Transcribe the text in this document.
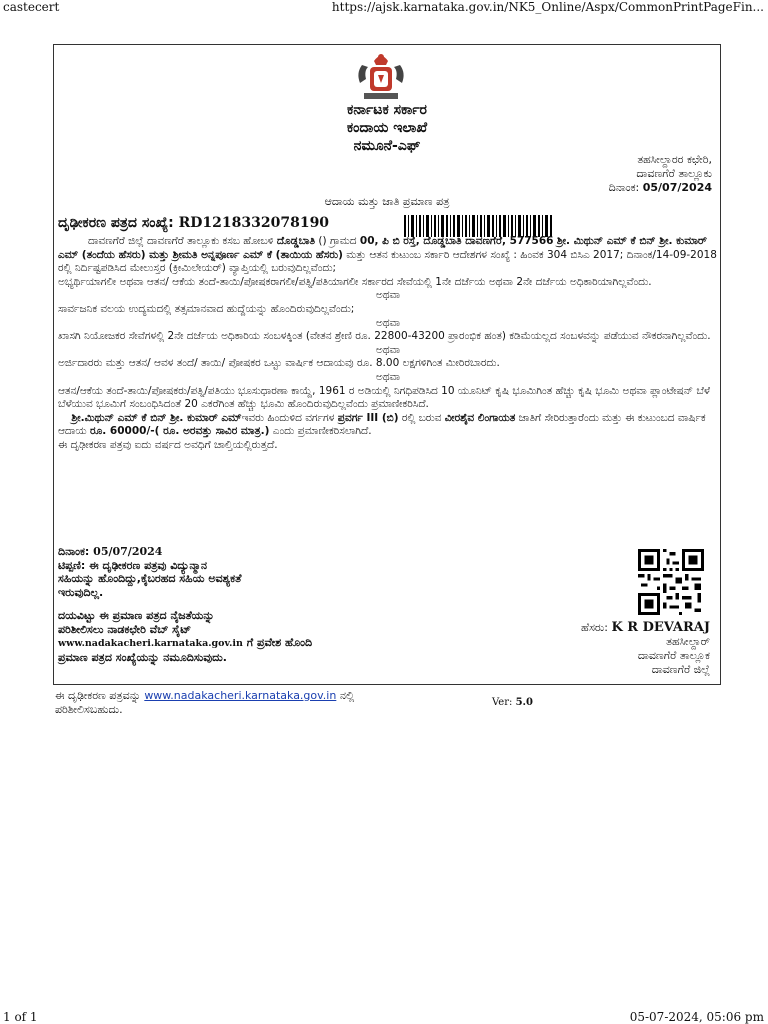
castecert	https://ajsk.karnataka.gov.in/NK5_Online/Aspx/CommonPrintPageFin...
ಕರ್ನಾಟಕ ಸರ್ಕಾರ
ಕಂದಾಯ ಇಲಾಖೆ
ನಮೂನೆ-ಎಫ್
ತಹಸೀಲ್ದಾರರ ಕಛೇರಿ,
ದಾವಣಗೆರೆ ತಾಲ್ಲೂಕು
ದಿನಾಂಕ: 05/07/2024
ಆದಾಯ ಮತ್ತು ಜಾತಿ ಪ್ರಮಾಣ ಪತ್ರ
ದೃಢೀಕರಣ ಪತ್ರದ ಸಂಖ್ಯೆ: RD1218332078190

ದಾವಣಗೆರೆ ಜಿಲ್ಲೆ ದಾವಣಗೆರೆ ತಾಲ್ಲೂಕು ಕಸಬ ಹೋಬಳಿ ದೊಡ್ಡಬಾತಿ () ಗ್ರಾಮದ 00, ಪಿ ಬಿ ರಸ್ತೆ, ದೊಡ್ಡಬಾತಿ ದಾವಣಗೆರೆ, 577566 ಶ್ರೀ. ಮಿಥುನ್ ಎಮ್ ಕೆ ಬಿನ್ ಶ್ರೀ. ಕುಮಾರ್ ಎಮ್ (ತಂದೆಯ ಹೆಸರು) ಮತ್ತು ಶ್ರೀಮತಿ ಅನ್ನಪೂರ್ಣ ಎಮ್ ಕೆ (ತಾಯಿಯ ಹೆಸರು) ಮತ್ತು ಆತನ ಕುಟುಂಬ ಸರ್ಕಾರಿ ಆದೇಶಗಳ ಸಂಖ್ಯೆ : ಹಿಂವಕ 304 ಬಿಸಿಎ 2017; ದಿನಾಂಕ/14-09-2018 ರಲ್ಲಿ ನಿರ್ದಿಷ್ಟಪಡಿಸಿದ ಮೇಲುಸ್ತರ (ಕ್ರೀಮಿಲೇಯರ್) ವ್ಯಾಪ್ತಿಯಲ್ಲಿ ಬರುವುದಿಲ್ಲವೆಂದು;

ಅಭ್ಯರ್ಥಿಯಾಗಲೀ ಅಥವಾ ಆತನ/ ಆಕೆಯ ತಂದೆ-ತಾಯಿ/ಪೋಷಕರಾಗಲೀ/ಪತ್ನಿ/ಪತಿಯಾಗಲೀ ಸರ್ಕಾರದ ಸೇವೆಯಲ್ಲಿ 1ನೇ ದರ್ಜೆಯ ಅಥವಾ 2ನೇ ದರ್ಜೆಯ ಅಧಿಕಾರಿಯಾಗಿಲ್ಲವೆಂದು.

ಅಥವಾ

ಸಾರ್ವಜನಿಕ ವಲಯ ಉದ್ಯಮದಲ್ಲಿ ತತ್ಸಮಾನವಾದ ಹುದ್ದೆಯನ್ನು ಹೊಂದಿರುವುದಿಲ್ಲವೆಂದು;

ಅಥವಾ

ಖಾಸಗಿ ನಿಯೋಜಕರ ಸೇವೆಗಳಲ್ಲಿ 2ನೇ ದರ್ಜೆಯ ಅಧಿಕಾರಿಯ ಸಂಬಳಕ್ಕಿಂತ (ವೇತನ ಶ್ರೇಣಿ ರೂ. 22800-43200 ಪ್ರಾರಂಭಿಕ ಹಂತ) ಕಡಿಮೆಯಲ್ಲದ ಸಂಬಳವನ್ನು ಪಡೆಯುವ ನೌಕರನಾಗಿಲ್ಲವೆಂದು.

ಅಥವಾ

ಅರ್ಜಿದಾರರು ಮತ್ತು ಆತನ/ ಆವಳ ತಂದೆ/ ತಾಯಿ/ ಪೋಷಕರ ಒಟ್ಟು ವಾರ್ಷಿಕ ಆದಾಯವು ರೂ. 8.00 ಲಕ್ಷಗಳಿಗಿಂತ ಮೀರಿರಬಾರದು.

ಅಥವಾ

ಆತನ/ಆಕೆಯ ತಂದೆ-ತಾಯಿ/ಪೋಷಕರು/ಪತ್ನಿ/ಪತಿಯು ಭೂಸುಧಾರಣಾ ಕಾಯ್ದೆ, 1961 ರ ಅಡಿಯಲ್ಲಿ ನಿಗಧಿಪಡಿಸಿದ 10 ಯೂನಿಟ್ ಕೃಷಿ ಭೂಮಿಗಿಂತ ಹೆಚ್ಚು ಕೃಷಿ ಭೂಮಿ ಅಥವಾ ಪ್ಲಾಂಟೇಷನ್ ಬೆಳೆ ಬೆಳೆಯುವ ಭೂಮಿಗೆ ಸಂಬಂಧಿಸಿದಂತೆ 20 ಎಕರೆಗಿಂತ ಹೆಚ್ಚು ಭೂಮಿ ಹೊಂದಿರುವುದಿಲ್ಲವೆಂದು ಪ್ರಮಾಣೀಕರಿಸಿದೆ.

ಶ್ರೀ.ಮಿಥುನ್ ಎಮ್ ಕೆ ಬಿನ್ ಶ್ರೀ. ಕುಮಾರ್ ಎಮ್ಇವರು ಹಿಂದುಳಿದ ವರ್ಗಗಳ ಪ್ರವರ್ಗ III (ಬಿ) ರಲ್ಲಿ ಬರುವ ವೀರಶೈವ ಲಿಂಗಾಯತ ಜಾತಿಗೆ ಸೇರಿರುತ್ತಾರೆಂದು ಮತ್ತು ಈ ಕುಟುಂಬದ ವಾರ್ಷಿಕ ಆದಾಯ ರೂ. 60000/-( ರೂ. ಅರವತ್ತು ಸಾವಿರ ಮಾತ್ರ.) ಎಂದು ಪ್ರಮಾಣೀಕರಿಸಲಾಗಿದೆ.

ಈ ದೃಢೀಕರಣ ಪತ್ರವು ಐದು ವರ್ಷದ ಅವಧಿಗೆ ಚಾಲ್ತಿಯಲ್ಲಿರುತ್ತದೆ.

ದಿನಾಂಕ: 05/07/2024

ಟಿಪ್ಪಣಿ: ಈ ದೃಢೀಕರಣ ಪತ್ರವು ವಿದ್ಯುನ್ಮಾನ

ಸಹಿಯನ್ನು ಹೊಂದಿದ್ದು,ಕೈಬರಹದ ಸಹಿಯ ಅವಶ್ಯಕತೆ

ಇರುವುದಿಲ್ಲ.

ದಯವಿಟ್ಟು ಈ ಪ್ರಮಾಣ ಪತ್ರದ ನೈಜತೆಯನ್ನು

ಪರಿಶೀಲಿಸಲು ನಾಡಕಛೇರಿ ವೆಬ್ ಸೈಟ್

www.nadakacheri.karnataka.gov.in ಗೆ ಪ್ರವೇಶ ಹೊಂದಿ

ಪ್ರಮಾಣ ಪತ್ರದ ಸಂಖ್ಯೆಯನ್ನು ನಮೂದಿಸುವುದು.

ಹೆಸರು: K R DEVARAJ
ತಹಸೀಲ್ದಾರ್
ದಾವಣಗೆರೆ ತಾಲ್ಲೂಕ
ದಾವಣಗೆರೆ ಜಿಲ್ಲೆ
ಈ ದೃಢೀಕರಣ ಪತ್ರವನ್ನು www.nadakacheri.karnataka.gov.in ನಲ್ಲಿ
ಪರಿಶೀಲಿಸಬಹುದು.
Ver: 5.0
1 of 1	05-07-2024, 05:06 pm
